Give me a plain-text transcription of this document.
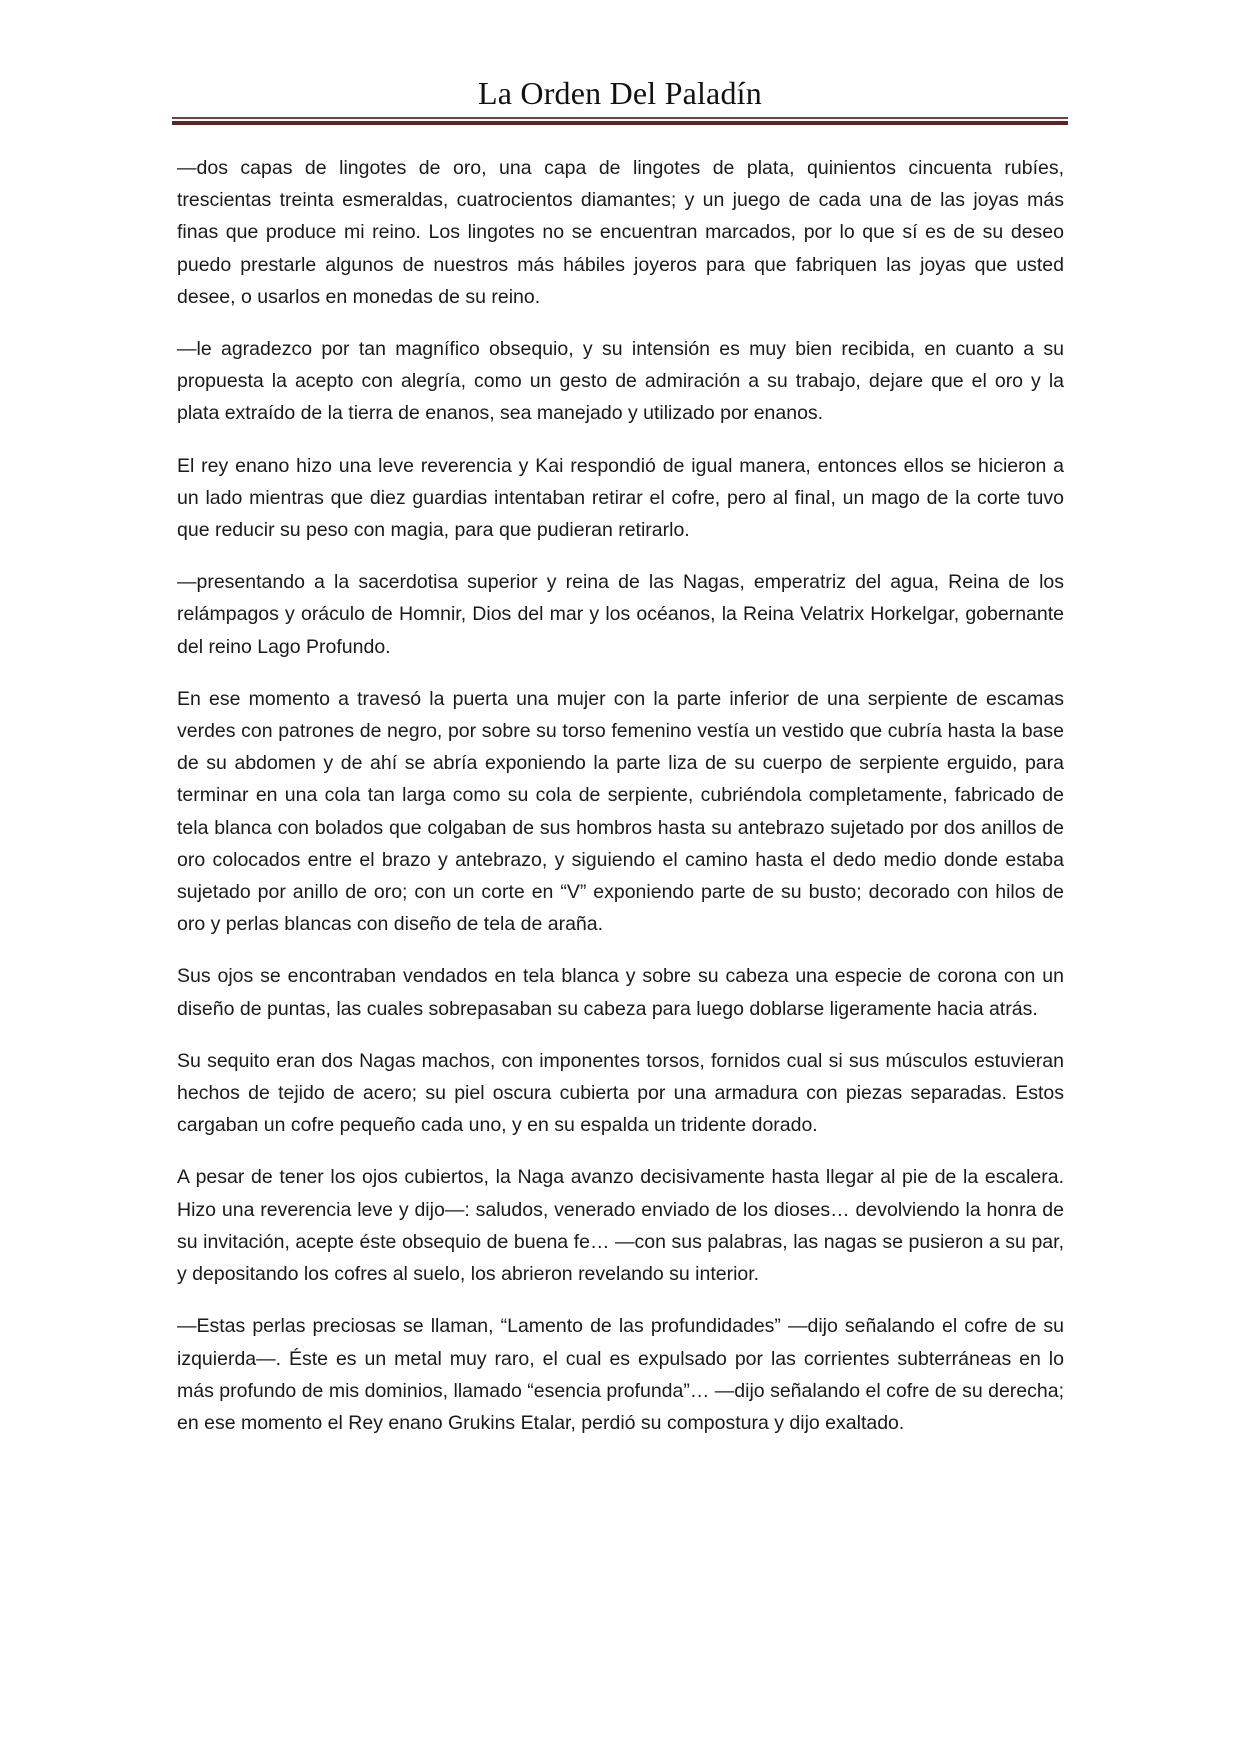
La Orden Del Paladín

—dos capas de lingotes de oro, una capa de lingotes de plata, quinientos cincuenta rubíes, trescientas treinta esmeraldas, cuatrocientos diamantes; y un juego de cada una de las joyas más finas que produce mi reino. Los lingotes no se encuentran marcados, por lo que sí es de su deseo puedo prestarle algunos de nuestros más hábiles joyeros para que fabriquen las joyas que usted desee, o usarlos en monedas de su reino.

—le agradezco por tan magnífico obsequio, y su intensión es muy bien recibida, en cuanto a su propuesta la acepto con alegría, como un gesto de admiración a su trabajo, dejare que el oro y la plata extraído de la tierra de enanos, sea manejado y utilizado por enanos.

El rey enano hizo una leve reverencia y Kai respondió de igual manera, entonces ellos se hicieron a un lado mientras que diez guardias intentaban retirar el cofre, pero al final, un mago de la corte tuvo que reducir su peso con magia, para que pudieran retirarlo.

—presentando a la sacerdotisa superior y reina de las Nagas, emperatriz del agua, Reina de los relámpagos y oráculo de Homnir, Dios del mar y los océanos, la Reina Velatrix Horkelgar, gobernante del reino Lago Profundo.

En ese momento a travesó la puerta una mujer con la parte inferior de una serpiente de escamas verdes con patrones de negro, por sobre su torso femenino vestía un vestido que cubría hasta la base de su abdomen y de ahí se abría exponiendo la parte liza de su cuerpo de serpiente erguido, para terminar en una cola tan larga como su cola de serpiente, cubriéndola completamente, fabricado de tela blanca con bolados que colgaban de sus hombros hasta su antebrazo sujetado por dos anillos de oro colocados entre el brazo y antebrazo, y siguiendo el camino hasta el dedo medio donde estaba sujetado por anillo de oro; con un corte en “V” exponiendo parte de su busto; decorado con hilos de oro y perlas blancas con diseño de tela de araña.

Sus ojos se encontraban vendados en tela blanca y sobre su cabeza una especie de corona con un diseño de puntas, las cuales sobrepasaban su cabeza para luego doblarse ligeramente hacia atrás.

Su sequito eran dos Nagas machos, con imponentes torsos, fornidos cual si sus músculos estuvieran hechos de tejido de acero; su piel oscura cubierta por una armadura con piezas separadas. Estos cargaban un cofre pequeño cada uno, y en su espalda un tridente dorado.

A pesar de tener los ojos cubiertos, la Naga avanzo decisivamente hasta llegar al pie de la escalera. Hizo una reverencia leve y dijo—: saludos, venerado enviado de los dioses… devolviendo la honra de su invitación, acepte éste obsequio de buena fe… —con sus palabras, las nagas se pusieron a su par, y depositando los cofres al suelo, los abrieron revelando su interior.

—Estas perlas preciosas se llaman, “Lamento de las profundidades” —dijo señalando el cofre de su izquierda—. Éste es un metal muy raro, el cual es expulsado por las corrientes subterráneas en lo más profundo de mis dominios, llamado “esencia profunda”… —dijo señalando el cofre de su derecha; en ese momento el Rey enano Grukins Etalar, perdió su compostura y dijo exaltado.
